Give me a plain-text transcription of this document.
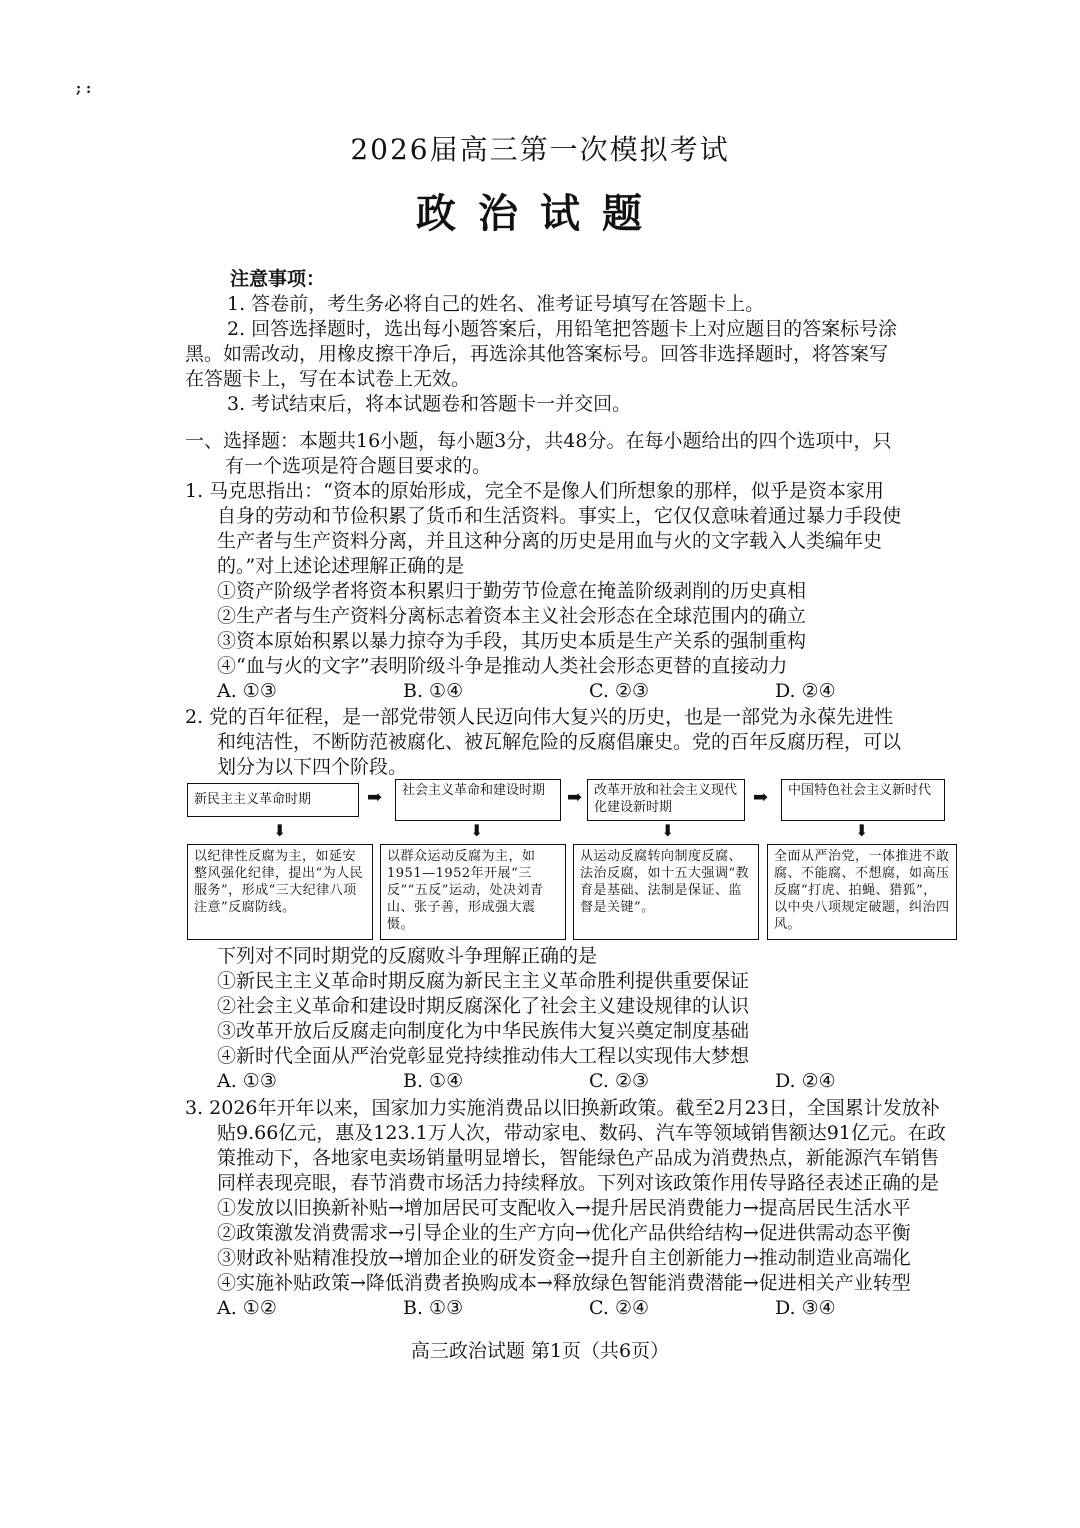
; :
2026届高三第一次模拟考试
政治试题
注意事项：
1. 答卷前，考生务必将自己的姓名、准考证号填写在答题卡上。
2. 回答选择题时，选出每小题答案后，用铅笔把答题卡上对应题目的答案标号涂
黑。如需改动，用橡皮擦干净后，再选涂其他答案标号。回答非选择题时，将答案写
在答题卡上，写在本试卷上无效。
3. 考试结束后，将本试题卷和答题卡一并交回。
一、选择题：本题共16小题，每小题3分，共48分。在每小题给出的四个选项中，只
有一个选项是符合题目要求的。
1. 马克思指出：“资本的原始形成，完全不是像人们所想象的那样，似乎是资本家用
自身的劳动和节俭积累了货币和生活资料。事实上，它仅仅意味着通过暴力手段使
生产者与生产资料分离，并且这种分离的历史是用血与火的文字载入人类编年史
的。”对上述论述理解正确的是
①资产阶级学者将资本积累归于勤劳节俭意在掩盖阶级剥削的历史真相
②生产者与生产资料分离标志着资本主义社会形态在全球范围内的确立
③资本原始积累以暴力掠夺为手段，其历史本质是生产关系的强制重构
④“血与火的文字”表明阶级斗争是推动人类社会形态更替的直接动力
A. ①③	B. ①④	C. ②③	D. ②④
2. 党的百年征程，是一部党带领人民迈向伟大复兴的历史，也是一部党为永葆先进性
和纯洁性，不断防范被腐化、被瓦解危险的反腐倡廉史。党的百年反腐历程，可以
划分为以下四个阶段。
新民主主义革命时期	➡	社会主义革命和建设时期	➡ 改革开放和社会主义现代化建设新时期	➡	中国特色社会主义新时代
⬇	⬇	⬇	⬇
以纪律性反腐为主，如延安整风强化纪律，提出“为人民服务”，形成“三大纪律八项注意”反腐防线。
以群众运动反腐为主，如1951—1952年开展“三反”“五反”运动，处决刘青山、张子善，形成强大震慑。
从运动反腐转向制度反腐、法治反腐，如十五大强调“教育是基础、法制是保证、监督是关键”。
全面从严治党，一体推进不敢腐、不能腐、不想腐，如高压反腐“打虎、拍蝇、猎狐”，以中央八项规定破题，纠治四风。
下列对不同时期党的反腐败斗争理解正确的是
①新民主主义革命时期反腐为新民主主义革命胜利提供重要保证
②社会主义革命和建设时期反腐深化了社会主义建设规律的认识
③改革开放后反腐走向制度化为中华民族伟大复兴奠定制度基础
④新时代全面从严治党彰显党持续推动伟大工程以实现伟大梦想
A. ①③	B. ①④	C. ②③	D. ②④
3. 2026年开年以来，国家加力实施消费品以旧换新政策。截至2月23日，全国累计发放补
贴9.66亿元，惠及123.1万人次，带动家电、数码、汽车等领域销售额达91亿元。在政
策推动下，各地家电卖场销量明显增长，智能绿色产品成为消费热点，新能源汽车销售
同样表现亮眼，春节消费市场活力持续释放。下列对该政策作用传导路径表述正确的是
①发放以旧换新补贴→增加居民可支配收入→提升居民消费能力→提高居民生活水平
②政策激发消费需求→引导企业的生产方向→优化产品供给结构→促进供需动态平衡
③财政补贴精准投放→增加企业的研发资金→提升自主创新能力→推动制造业高端化
④实施补贴政策→降低消费者换购成本→释放绿色智能消费潜能→促进相关产业转型
A. ①②	B. ①③	C. ②④	D. ③④
高三政治试题 第1页（共6页）
